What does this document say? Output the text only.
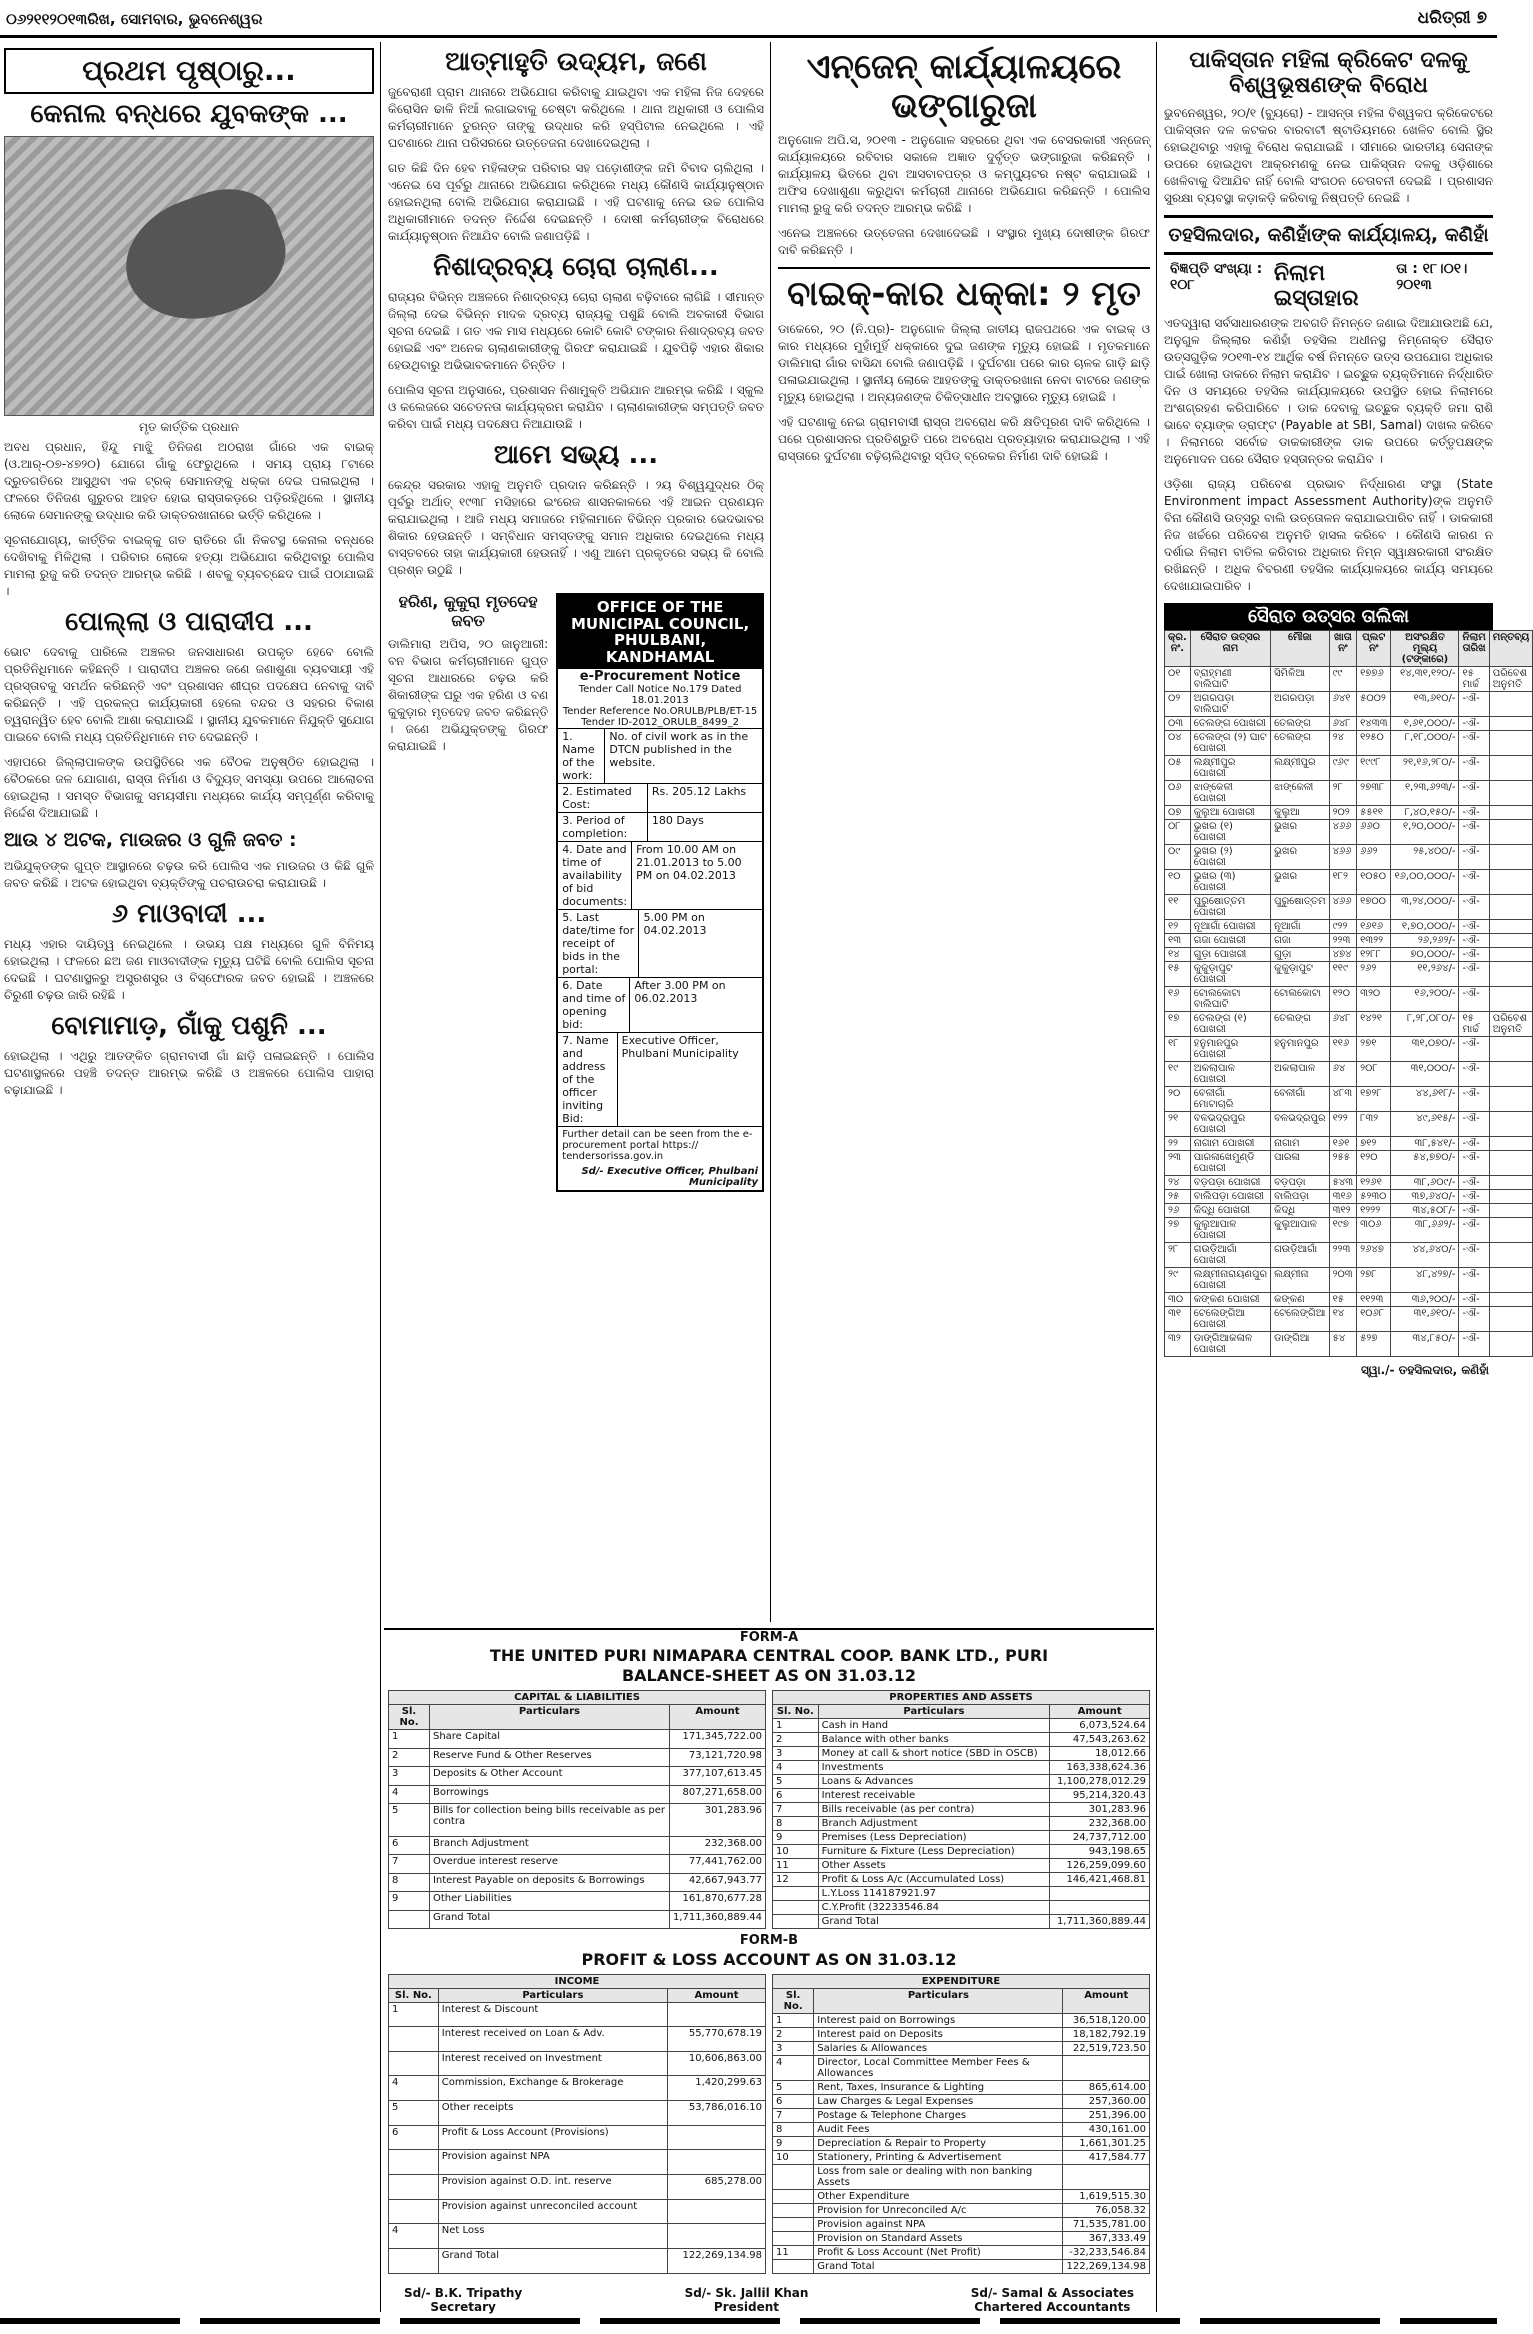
୦୬୨୧୧୨୦୧୩ରିଖ, ସୋମବାର, ଭୁବନେଶ୍ୱର	ଧରିତ୍ରୀ ୭
ପ୍ରଥମ ପୃଷ୍ଠାରୁ...
କେନାଲ ବନ୍ଧରେ ଯୁବକଙ୍କ ...
ମୃତ କାର୍ତ୍ତିକ ପ୍ରଧାନ

ଅବଧ ପ୍ରଧାନ, ହିନ୍ଦୁ ମାଝିୁ ତିନିଜଣ ଅଠରାଖ ଗାଁରେ ଏକ ବାଇକ୍ (ଓ.ଆର୍-୦୭-୪୭୨୦) ଯୋଗେ ଗାଁକୁ ଫେରୁଥିଲେ । ସମୟ ପ୍ରାୟ ୮ଟାରେ ଦ୍ରୁତଗତିରେ ଆସୁଥିବା ଏକ ଟ୍ରକ୍ ସେମାନଙ୍କୁ ଧକ୍କା ଦେଇ ପଳାଇଥିଲା । ଫଳରେ ତିନିଜଣ ଗୁରୁତର ଆହତ ହୋଇ ରାସ୍ତାକଡ଼ରେ ପଡ଼ିରହିଥିଲେ । ସ୍ଥାନୀୟ ଲୋକେ ସେମାନଙ୍କୁ ଉଦ୍ଧାର କରି ଡାକ୍ତରଖାନାରେ ଭର୍ତ୍ତି କରିଥିଲେ ।

ସୂଚନାଯୋଗ୍ୟ, କାର୍ତ୍ତିକ ବାଇକ୍‌କୁ ଗତ ରାତିରେ ଗାଁ ନିକଟସ୍ଥ କେନାଲ ବନ୍ଧରେ ଦେଖିବାକୁ ମିଳିଥିଲା । ପରିବାର ଲୋକେ ହତ୍ୟା ଅଭିଯୋଗ କରିଥିବାରୁ ପୋଲିସ ମାମଲା ରୁଜୁ କରି ତଦନ୍ତ ଆରମ୍ଭ କରିଛି । ଶବକୁ ବ୍ୟବଚ୍ଛେଦ ପାଇଁ ପଠାଯାଇଛି ।

ପୋଲ୍ଲା ଓ ପାରାଦୀପ ...

ଭୋଟ ଦେବାକୁ ପାରିଲେ ଅଞ୍ଚଳର ଜନସାଧାରଣ ଉପକୃତ ହେବେ ବୋଲି ପ୍ରତିନିଧିମାନେ କହିଛନ୍ତି । ପାରାଦୀପ ଅଞ୍ଚଳର ଜଣେ ଜଣାଶୁଣା ବ୍ୟବସାୟୀ ଏହି ପ୍ରସ୍ତାବକୁ ସମର୍ଥନ କରିଛନ୍ତି ଏବଂ ପ୍ରଶାସନ ଶୀଘ୍ର ପଦକ୍ଷେପ ନେବାକୁ ଦାବି କରିଛନ୍ତି । ଏହି ପ୍ରକଳ୍ପ କାର୍ଯ୍ୟକାରୀ ହେଲେ ବନ୍ଦର ଓ ସହରର ବିକାଶ ତ୍ୱରାନ୍ୱିତ ହେବ ବୋଲି ଆଶା କରାଯାଉଛି । ସ୍ଥାନୀୟ ଯୁବକମାନେ ନିଯୁକ୍ତି ସୁଯୋଗ ପାଇବେ ବୋଲି ମଧ୍ୟ ପ୍ରତିନିଧିମାନେ ମତ ଦେଇଛନ୍ତି ।

ଏହାପରେ ଜିଲ୍ଲାପାଳଙ୍କ ଉପସ୍ଥିତିରେ ଏକ ବୈଠକ ଅନୁଷ୍ଠିତ ହୋଇଥିଲା । ବୈଠକରେ ଜଳ ଯୋଗାଣ, ରାସ୍ତା ନିର୍ମାଣ ଓ ବିଦ୍ୟୁତ୍ ସମସ୍ୟା ଉପରେ ଆଲୋଚନା ହୋଇଥିଲା । ସମସ୍ତ ବିଭାଗକୁ ସମୟସୀମା ମଧ୍ୟରେ କାର୍ଯ୍ୟ ସମ୍ପୂର୍ଣ୍ଣ କରିବାକୁ ନିର୍ଦ୍ଦେଶ ଦିଆଯାଇଛି ।

ଆଉ ୪ ଅଟକ, ମାଉଜର ଓ ଗୁଳି ଜବତ :

ଅଭିଯୁକ୍ତଙ୍କ ଗୁପ୍ତ ଆସ୍ଥାନରେ ଚଢ଼ଉ କରି ପୋଲିସ ଏକ ମାଉଜର ଓ କିଛି ଗୁଳି ଜବତ କରିଛି । ଅଟକ ହୋଇଥିବା ବ୍ୟକ୍ତିଙ୍କୁ ପଚରାଉଚରା କରାଯାଉଛି ।

୬ ମାଓବାଦୀ ...

ମଧ୍ୟ ଏହାର ଦାୟିତ୍ୱ ନେଇଥିଲେ । ଉଭୟ ପକ୍ଷ ମଧ୍ୟରେ ଗୁଳି ବିନିମୟ ହୋଇଥିଲା । ଫଳରେ ଛଅ ଜଣ ମାଓବାଦୀଙ୍କ ମୃତ୍ୟୁ ଘଟିଛି ବୋଲି ପୋଲିସ ସୂଚନା ଦେଇଛି । ଘଟଣାସ୍ଥଳରୁ ଅସ୍ତ୍ରଶସ୍ତ୍ର ଓ ବିସ୍ଫୋରକ ଜବତ ହୋଇଛି । ଅଞ୍ଚଳରେ ଚିରୁଣୀ ଚଢ଼ଉ ଜାରି ରହିଛି ।

ବୋମାମାଡ଼, ଗାଁକୁ ପଶୁନି ...

ହୋଇଥିଲା । ଏଥିରୁ ଆତଙ୍କିତ ଗ୍ରାମବାସୀ ଗାଁ ଛାଡ଼ି ପଳାଇଛନ୍ତି । ପୋଲିସ ଘଟଣାସ୍ଥଳରେ ପହଞ୍ଚି ତଦନ୍ତ ଆରମ୍ଭ କରିଛି ଓ ଅଞ୍ଚଳରେ ପୋଲିସ ପାହାରା ବଢ଼ାଯାଇଛି ।

ଆତ୍ମାହୁତି ଉଦ୍ୟମ, ଜଣେ

ଜୁବେରାଣୀ ପ୍ରାମ ଥାନାରେ ଅଭିଯୋଗ କରିବାକୁ ଯାଇଥିବା ଏକ ମହିଳା ନିଜ ଦେହରେ କିରୋସିନ ଢାଳି ନିଆଁ ଲଗାଇବାକୁ ଚେଷ୍ଟା କରିଥିଲେ । ଥାନା ଅଧିକାରୀ ଓ ପୋଲିସ କର୍ମଚାରୀମାନେ ତୁରନ୍ତ ତାଙ୍କୁ ଉଦ୍ଧାର କରି ହସ୍ପିଟାଲ ନେଇଥିଲେ । ଏହି ଘଟଣାରେ ଥାନା ପରିସରରେ ଉତ୍ତେଜନା ଦେଖାଦେଇଥିଲା ।

ଗତ କିଛି ଦିନ ହେବ ମହିଳାଙ୍କ ପରିବାର ସହ ପଡ଼ୋଶୀଙ୍କ ଜମି ବିବାଦ ଚାଲିଥିଲା । ଏନେଇ ସେ ପୂର୍ବରୁ ଥାନାରେ ଅଭିଯୋଗ କରିଥିଲେ ମଧ୍ୟ କୌଣସି କାର୍ଯ୍ୟାନୁଷ୍ଠାନ ହୋଇନଥିଲା ବୋଲି ଅଭିଯୋଗ କରାଯାଇଛି । ଏହି ଘଟଣାକୁ ନେଇ ଉଚ୍ଚ ପୋଲିସ ଅଧିକାରୀମାନେ ତଦନ୍ତ ନିର୍ଦ୍ଦେଶ ଦେଇଛନ୍ତି । ଦୋଷୀ କର୍ମଚାରୀଙ୍କ ବିରୋଧରେ କାର୍ଯ୍ୟାନୁଷ୍ଠାନ ନିଆଯିବ ବୋଲି ଜଣାପଡ଼ିଛି ।

ନିଶାଦ୍ରବ୍ୟ ଚୋରା ଚାଲାଣ...

ରାଜ୍ୟର ବିଭିନ୍ନ ଅଞ୍ଚଳରେ ନିଶାଦ୍ରବ୍ୟ ଚୋରା ଚାଲାଣ ବଢ଼ିବାରେ ଲାଗିଛି । ସୀମାନ୍ତ ଜିଲ୍ଲା ଦେଇ ବିଭିନ୍ନ ମାଦକ ଦ୍ରବ୍ୟ ରାଜ୍ୟକୁ ପଶୁଛି ବୋଲି ଅବକାରୀ ବିଭାଗ ସୂଚନା ଦେଇଛି । ଗତ ଏକ ମାସ ମଧ୍ୟରେ କୋଟି କୋଟି ଟଙ୍କାର ନିଶାଦ୍ରବ୍ୟ ଜବତ ହୋଇଛି ଏବଂ ଅନେକ ଚାଲାଣକାରୀଙ୍କୁ ଗିରଫ କରାଯାଇଛି । ଯୁବପିଢ଼ି ଏହାର ଶିକାର ହେଉଥିବାରୁ ଅଭିଭାବକମାନେ ଚିନ୍ତିତ ।

ପୋଲିସ ସୂଚନା ଅନୁସାରେ, ପ୍ରଶାସନ ନିଶାମୁକ୍ତି ଅଭିଯାନ ଆରମ୍ଭ କରିଛି । ସ୍କୁଲ ଓ କଲେଜରେ ସଚେତନତା କାର୍ଯ୍ୟକ୍ରମ କରାଯିବ । ଚାଲାଣକାରୀଙ୍କ ସମ୍ପତ୍ତି ଜବତ କରିବା ପାଇଁ ମଧ୍ୟ ପଦକ୍ଷେପ ନିଆଯାଉଛି ।

ଆମେ ସଭ୍ୟ ...

କେନ୍ଦ୍ର ସରକାର ଏହାକୁ ଅନୁମତି ପ୍ରଦାନ କରିଛନ୍ତି । ୨ୟ ବିଶ୍ୱଯୁଦ୍ଧର ଠିକ୍ ପୂର୍ବରୁ ଅର୍ଥାତ୍ ୧୯୩୮ ମସିହାରେ ଇଂରେଜ ଶାସନକାଳରେ ଏହି ଆଇନ ପ୍ରଣୟନ କରାଯାଇଥିଲା । ଆଜି ମଧ୍ୟ ସମାଜରେ ମହିଳାମାନେ ବିଭିନ୍ନ ପ୍ରକାର ଭେଦଭାବର ଶିକାର ହେଉଛନ୍ତି । ସମ୍ବିଧାନ ସମସ୍ତଙ୍କୁ ସମାନ ଅଧିକାର ଦେଇଥିଲେ ମଧ୍ୟ ବାସ୍ତବରେ ତାହା କାର୍ଯ୍ୟକାରୀ ହେଉନାହିଁ । ଏଣୁ ଆମେ ପ୍ରକୃତରେ ସଭ୍ୟ କି ବୋଲି ପ୍ରଶ୍ନ ଉଠୁଛି ।

ହରିଣ, କୁକୁରା ମୃତଦେହ ଜବତ

ଡାଲିମାରା ଅପିସ, ୨୦ ଜାନୁଆରୀ: ବନ ବିଭାଗ କର୍ମଚାରୀମାନେ ଗୁପ୍ତ ସୂଚନା ଆଧାରରେ ଚଢ଼ଉ କରି ଶିକାରୀଙ୍କ ଘରୁ ଏକ ହରିଣ ଓ ବଣ କୁକୁଡ଼ାର ମୃତଦେହ ଜବତ କରିଛନ୍ତି । ଜଣେ ଅଭିଯୁକ୍ତଙ୍କୁ ଗିରଫ କରାଯାଇଛି ।

OFFICE OF THE MUNICIPAL COUNCIL, PHULBANI, KANDHAMAL
e-Procurement Notice
Tender Call Notice No.179 Dated 18.01.2013
Tender Reference No.ORULB/PLB/ET-15
Tender ID-2012_ORULB_8499_2
1. Name of the work:
No. of civil work as in the DTCN published in the website.
2. Estimated Cost:
Rs. 205.12 Lakhs
3. Period of completion:
180 Days
4. Date and time of availability of bid documents:
From 10.00 AM on 21.01.2013 to 5.00 PM on 04.02.2013
5. Last date/time for receipt of bids in the portal:
5.00 PM on 04.02.2013
6. Date and time of opening bid:
After 3.00 PM on 06.02.2013
7. Name and address of the officer inviting Bid:
Executive Officer, Phulbani Municipality
Further detail can be seen from the e-procurement portal https:// tendersorissa.gov.in
Sd/- Executive Officer, Phulbani Municipality
FORM-A
THE UNITED PURI NIMAPARA CENTRAL COOP. BANK LTD., PURI
BALANCE-SHEET AS ON 31.03.12
CAPITAL & LIABILITIES		
Sl. No.	Particulars	Amount
1	Share Capital	171,345,722.00
2	Reserve Fund & Other Reserves	73,121,720.98
3	Deposits & Other Account	377,107,613.45
4	Borrowings	807,271,658.00
5	Bills for collection being bills receivable as per contra	301,283.96
6	Branch Adjustment	232,368.00
7	Overdue interest reserve	77,441,762.00
8	Interest Payable on deposits & Borrowings	42,667,943.77
9	Other Liabilities	161,870,677.28
	Grand Total	1,711,360,889.44
PROPERTIES AND ASSETS		
Sl. No.	Particulars	Amount
1	Cash in Hand	6,073,524.64
2	Balance with other banks	47,543,263.62
3	Money at call & short notice (SBD in OSCB)	18,012.66
4	Investments	163,338,624.36
5	Loans & Advances	1,100,278,012.29
6	Interest receivable	95,214,320.43
7	Bills receivable (as per contra)	301,283.96
8	Branch Adjustment	232,368.00
9	Premises (Less Depreciation)	24,737,712.00
10	Furniture & Fixture (Less Depreciation)	943,198.65
11	Other Assets	126,259,099.60
12	Profit & Loss A/c (Accumulated Loss)	146,421,468.81
	L.Y.Loss 114187921.97	
	C.Y.Profit (32233546.84	
	Grand Total	1,711,360,889.44
FORM-B
PROFIT & LOSS ACCOUNT AS ON 31.03.12
INCOME		
Sl. No.	Particulars	Amount
1	Interest & Discount	
	Interest received on Loan & Adv.	55,770,678.19
	Interest received on Investment	10,606,863.00
4	Commission, Exchange & Brokerage	1,420,299.63
5	Other receipts	53,786,016.10
6	Profit & Loss Account (Provisions)	
	Provision against NPA	
	Provision against O.D. int. reserve	685,278.00
	Provision against unreconciled account	
4	Net Loss	
	Grand Total	122,269,134.98
EXPENDITURE		
Sl. No.	Particulars	Amount
1	Interest paid on Borrowings	36,518,120.00
2	Interest paid on Deposits	18,182,792.19
3	Salaries & Allowances	22,519,723.50
4	Director, Local Committee Member Fees & Allowances	
5	Rent, Taxes, Insurance & Lighting	865,614.00
6	Law Charges & Legal Expenses	257,360.00
7	Postage & Telephone Charges	251,396.00
8	Audit Fees	430,161.00
9	Depreciation & Repair to Property	1,661,301.25
10	Stationery, Printing & Advertisement	417,584.77
	Loss from sale or dealing with non banking Assets	
	Other Expenditure	1,619,515.30
	Provision for Unreconciled A/c	76,058.32
	Provision against NPA	71,535,781.00
	Provision on Standard Assets	367,333.49
11	Profit & Loss Account (Net Profit)	-32,233,546.84
	Grand Total	122,269,134.98
Sd/- B.K. Tripathy
Secretary
Sd/- Sk. Jallil Khan
President
Sd/- Samal & Associates
Chartered Accountants
ଏନ୍‌ଜେନ୍ କାର୍ଯ୍ୟାଳୟରେ ଭଙ୍ଗାରୁଜା

ଅନୁଗୋଳ ଅପି.ସ, ୨୦୧୩ - ଅନୁଗୋଳ ସହରରେ ଥିବା ଏକ ବେସରକାରୀ ଏନ୍‌ଜେନ୍ କାର୍ଯ୍ୟାଳୟରେ ରବିବାର ସକାଳେ ଅଜ୍ଞାତ ଦୁର୍ବୃତ୍ତ ଭଙ୍ଗାରୁଜା କରିଛନ୍ତି । କାର୍ଯ୍ୟାଳୟ ଭିତରେ ଥିବା ଆସବାବପତ୍ର ଓ କମ୍ପ୍ୟୁଟର ନଷ୍ଟ କରାଯାଇଛି । ଅଫିସ ଦେଖାଶୁଣା କରୁଥିବା କର୍ମଚାରୀ ଥାନାରେ ଅଭିଯୋଗ କରିଛନ୍ତି । ପୋଲିସ ମାମଲା ରୁଜୁ କରି ତଦନ୍ତ ଆରମ୍ଭ କରିଛି ।

ଏନେଇ ଅଞ୍ଚଳରେ ଉତ୍ତେଜନା ଦେଖାଦେଇଛି । ସଂସ୍ଥାର ମୁଖ୍ୟ ଦୋଷୀଙ୍କ ଗିରଫ ଦାବି କରିଛନ୍ତି ।

ବାଇକ୍-କାର ଧକ୍କା: ୨ ମୃତ

ଡାକେରେ, ୨୦ (ନି.ପ୍ର)- ଅନୁଗୋଳ ଜିଲ୍ଲା ଜାତୀୟ ରାଜପଥରେ ଏକ ବାଇକ୍ ଓ କାର ମଧ୍ୟରେ ମୁହାଁମୁହିଁ ଧକ୍କାରେ ଦୁଇ ଜଣଙ୍କ ମୃତ୍ୟୁ ହୋଇଛି । ମୃତକମାନେ ଡାଲିମାରା ଗାଁର ବାସିନ୍ଦା ବୋଲି ଜଣାପଡ଼ିଛି । ଦୁର୍ଘଟଣା ପରେ କାର ଚାଳକ ଗାଡ଼ି ଛାଡ଼ି ପଳାଇଯାଇଥିଲା । ସ୍ଥାନୀୟ ଲୋକେ ଆହତଙ୍କୁ ଡାକ୍ତରଖାନା ନେବା ବାଟରେ ଜଣଙ୍କ ମୃତ୍ୟୁ ହୋଇଥିଲା । ଅନ୍ୟଜଣଙ୍କ ଚିକିତ୍ସାଧୀନ ଅବସ୍ଥାରେ ମୃତ୍ୟୁ ହୋଇଛି ।

ଏହି ଘଟଣାକୁ ନେଇ ଗ୍ରାମବାସୀ ରାସ୍ତା ଅବରୋଧ କରି କ୍ଷତିପୂରଣ ଦାବି କରିଥିଲେ । ପରେ ପ୍ରଶାସନର ପ୍ରତିଶ୍ରୁତି ପରେ ଅବରୋଧ ପ୍ରତ୍ୟାହାର କରାଯାଇଥିଲା । ଏହି ରାସ୍ତାରେ ଦୁର୍ଘଟଣା ବଢ଼ିଚାଲିଥିବାରୁ ସ୍ପିଡ୍ ବ୍ରେକର ନିର୍ମାଣ ଦାବି ହୋଇଛି ।

ପାକିସ୍ତାନ ମହିଳା କ୍ରିକେଟ ଦଳକୁ ବିଶ୍ୱଭୂଷଣଙ୍କ ବିରୋଧ

ଭୁବନେଶ୍ୱର, ୨୦/୧ (ବ୍ୟୁରୋ) - ଆସନ୍ତା ମହିଳା ବିଶ୍ୱକପ କ୍ରିକେଟରେ ପାକିସ୍ତାନ ଦଳ କଟକର ବାରବାଟୀ ଷ୍ଟାଡିୟମରେ ଖେଳିବ ବୋଲି ସ୍ଥିର ହୋଇଥିବାରୁ ଏହାକୁ ବିରୋଧ କରାଯାଇଛି । ସୀମାରେ ଭାରତୀୟ ସେନାଙ୍କ ଉପରେ ହୋଇଥିବା ଆକ୍ରମଣକୁ ନେଇ ପାକିସ୍ତାନ ଦଳକୁ ଓଡ଼ିଶାରେ ଖେଳିବାକୁ ଦିଆଯିବ ନାହିଁ ବୋଲି ସଂଗଠନ ଚେତାବନୀ ଦେଇଛି । ପ୍ରଶାସନ ସୁରକ୍ଷା ବ୍ୟବସ୍ଥା କଡ଼ାକଡ଼ି କରିବାକୁ ନିଷ୍ପତ୍ତି ନେଇଛି ।

ତହସିଲଦାର, କଣିହାଁଙ୍କ କାର୍ଯ୍ୟାଳୟ, କଣିହାଁ
ବିଜ୍ଞପ୍ତି ସଂଖ୍ୟା : ୧୦୮	ନିଲାମ ଇସ୍ତାହାର
ତା : ୧୮।୦୧।୨୦୧୩

ଏତଦ୍ୱାରା ସର୍ବସାଧାରଣଙ୍କ ଅବଗତି ନିମନ୍ତେ ଜଣାଇ ଦିଆଯାଉଅଛି ଯେ, ଅନୁଗୁଳ ଜିଲ୍ଲାର କଣିହାଁ ତହସିଲ ଅଧୀନସ୍ଥ ନିମ୍ନୋକ୍ତ ସୈରାତ ଉତ୍ସଗୁଡ଼ିକ ୨୦୧୩-୧୪ ଆର୍ଥିକ ବର୍ଷ ନିମନ୍ତେ ଉତ୍ସ ଉପଯୋଗ ଅଧିକାର ପାଇଁ ଖୋଲା ଡାକରେ ନିଲାମ କରାଯିବ । ଇଚ୍ଛୁକ ବ୍ୟକ୍ତିମାନେ ନିର୍ଦ୍ଧାରିତ ଦିନ ଓ ସମୟରେ ତହସିଲ କାର୍ଯ୍ୟାଳୟରେ ଉପସ୍ଥିତ ହୋଇ ନିଲାମରେ ଅଂଶଗ୍ରହଣ କରିପାରିବେ । ଡାକ ଦେବାକୁ ଇଚ୍ଛୁକ ବ୍ୟକ୍ତି ଜମା ରାଶି ଭାବେ ବ୍ୟାଙ୍କ ଡ୍ରାଫ୍ଟ (Payable at SBI, Samal) ଦାଖଲ କରିବେ । ନିଲାମରେ ସର୍ବୋଚ୍ଚ ଡାକକାରୀଙ୍କ ଡାକ ଉପରେ କର୍ତ୍ତୃପକ୍ଷଙ୍କ ଅନୁମୋଦନ ପରେ ସୈରାତ ହସ୍ତାନ୍ତର କରାଯିବ ।

ଓଡ଼ିଶା ରାଜ୍ୟ ପରିବେଶ ପ୍ରଭାବ ନିର୍ଦ୍ଧାରଣ ସଂସ୍ଥା (State Environment impact Assessment Authority)ଙ୍କ ଅନୁମତି ବିନା କୌଣସି ଉତ୍ସରୁ ବାଲି ଉତ୍ତୋଳନ କରାଯାଇପାରିବ ନାହିଁ । ଡାକକାରୀ ନିଜ ଖର୍ଚ୍ଚରେ ପରିବେଶ ଅନୁମତି ହାସଲ କରିବେ । କୌଣସି କାରଣ ନ ଦର୍ଶାଇ ନିଲାମ ବାତିଲ କରିବାର ଅଧିକାର ନିମ୍ନ ସ୍ୱାକ୍ଷରକାରୀ ସଂରକ୍ଷିତ ରଖିଛନ୍ତି । ଅଧିକ ବିବରଣୀ ତହସିଲ କାର୍ଯ୍ୟାଳୟରେ କାର୍ଯ୍ୟ ସମୟରେ ଦେଖାଯାଇପାରିବ ।

ସୈରାତ ଉତ୍ସର ତାଲିକା
କ୍ର. ନଂ.	ସୈରାତ ଉତ୍ସର ନାମ	ମୌଜା	ଖାତା ନଂ	ପ୍ଲଟ ନଂ	ଅସଂରକ୍ଷିତ ମୂଲ୍ୟ (ଟଙ୍କାରେ)	ନିଲାମ ତାରିଖ	ମନ୍ତବ୍ୟ
୦୧	ବ୍ରାହ୍ମଣୀ ବାଲିଘାଟି	ସିମିଳିଆ	୯୯	୧୭୭୬	୧୪,୩୧,୧୨୦/-	୧୫ ମାର୍ଚ୍ଚ	ପରିବେଶ ଅନୁମତି
୦୨	ଅଗରପଡ଼ା ବାଲିଘାଟି	ଅଗରପଡ଼ା	୬୪୧	୫୦୦୨	୧୩,୬୧୦/-	-ଐ-	
୦୩	ତେଲଙ୍ଗ ପୋଖରୀ	ତେଲଙ୍ଗ	୬୪୮	୧୪୩୩	୧,୬୧,୦୦୦/-	-ଐ-	
୦୪	ତେଲଙ୍ଗ (୨) ଘାଟ ପୋଖରୀ	ତେଲଙ୍ଗ	୨୪	୧୨୫୦	୮,୧୮,୦୦୦/-	-ଐ-	
୦୫	ଲକ୍ଷ୍ମୀପୁର ପୋଖରୀ	ଲକ୍ଷ୍ମୀପୁର	୯୬୯	୧୯୯୮	୨୧,୧୬,୨୮୦/-	-ଐ-	
୦୬	ଝାଙ୍କେଳୀ ପୋଖରୀ	ଝାଙ୍କେଳୀ	୨୮	୨୭୩୮	୧,୨୩,୬୨୩/-	-ଐ-	
୦୭	କୁଲୁଆ ପୋଖରୀ	କୁଲୁଆ	୨୦୨	୫୫୧୧	୮,୪୦,୧୫୦/-	-ଐ-	
୦୮	ଭୁଖର (୧) ପୋଖରୀ	ଭୁଖର	୪୬୬	୬୬୦	୧,୨୦,୦୦୦/-	-ଐ-	
୦୯	ଭୁଖର (୨) ପୋଖରୀ	ଭୁଖର	୪୬୬	୬୬୨	୨୫,୪୦୦/-	-ଐ-	
୧୦	ଭୁଖର (୩) ପୋଖରୀ	ଭୁଖର	୧୮୨	୧୦୫୦	୧୬,୦୦,୦୦୦/-	-ଐ-	
୧୧	ପୁରୁଷୋତ୍ତମ ପୋଖରୀ	ପୁରୁଷୋତ୍ତମ	୪୬୬	୧୭୦୦	୩,୨୪,୦୦୦/-	-ଐ-	
୧୨	ନୂଆଗାଁ ପୋଖରୀ	ନୂଆଗାଁ	୯୨୨	୧୬୧୬	୧,୭୦,୦୦୦/-	-ଐ-	
୧୩	ଗଜା ପୋଖରୀ	ଗଜା	୨୨୩	୧୩୨୨	୨୬,୨୬୨/-	-ଐ-	
୧୪	ଗୁଡ଼ା ପୋଖରୀ	ଗୁଡ଼ା	୪୭୪	୧୨୮୮	୭୦,୦୦୦/-	-ଐ-	
୧୫	କୁକୁଡ଼ାପୁଟ ପୋଖରୀ	କୁକୁଡ଼ାପୁଟ	୧୧୯	୨୬୨	୧୧,୨୬୪/-	-ଐ-	
୧୬	ଟୋଲକୋଟା ବାଲିଘାଟି	ଟୋଲକୋଟା	୧୨୦	୩୨୦	୧୬,୨୦୦/-	-ଐ-	
୧୭	ତେଲଙ୍ଗ (୧) ପୋଖରୀ	ତେଲଙ୍ଗ	୬୪୮	୧୪୨୧	୮,୨୮,୦୮୦/-	୧୫ ମାର୍ଚ୍ଚ	ପରିବେଶ ଅନୁମତି
୧୮	ହନୁମାନପୁର ପୋଖରୀ	ହନୁମାନପୁର	୧୧୬	୨୭୧	୩୧,୦୭୦/-	-ଐ-	
୧୯	ଅକଲାପାଳ ପୋଖରୀ	ଅକଲାପାଳ	୬୪	୨୦୮	୩୧,୦୦୦/-	-ଐ-	
୨୦	ବେଳୀଗାଁ ମୋଟାଚାରି	ବେଳୀଗାଁ	୪୮୩	୧୭୨୮	୪୪,୬୧୮/-	-ଐ-	
୨୧	ବଳଭଦ୍ରପୁର ପୋଖରୀ	ବଳଭଦ୍ରପୁର	୧୨୨	୮୩୨	୪୯,୬୧୫/-	-ଐ-	
୨୨	ନାଗାମ ପୋଖରୀ	ନାଗାମ	୧୬୧	୭୧୨	୩୮,୫୪୧/-	-ଐ-	
୨୩	ପାରଳାଖେମୁଣ୍ଡି ପୋଖରୀ	ପାରଳା	୨୫୫	୧୨୦	୫୪,୭୭୦/-	-ଐ-	
୨୪	ବଡ଼ପଡ଼ା ପୋଖରୀ	ବଡ଼ପଡ଼ା	୫୪୩	୧୨୬୧	୩୮,୬୦୯/-	-ଐ-	
୨୫	ବାଲିପଡ଼ା ପୋଖରୀ	ବାଲିପଡ଼ା	୩୧୬	୫୨୩୦	୩୭,୬୪୦/-	-ଐ-	
୨୬	କିଦ୍ଧି ପୋଖରୀ	କିଦ୍ଧି	୩୧୨	୧୨୨୨	୩୪,୫୦୮/-	-ଐ-	
୨୭	କୁଲୁଆପାଳ ପୋଖରୀ	କୁଲୁଆପାଳ	୧୯୭	୩୦୬	୩୮,୬୬୨/-	-ଐ-	
୨୮	ଗଉଡ଼ିଆଗାଁ ପୋଖରୀ	ଗଉଡ଼ିଆଗାଁ	୨୨୩	୨୬୪୭	୪୪,୬୪୦/-	-ଐ-	
୨୯	ଲକ୍ଷ୍ମୀନାରାୟଣପୁର ପୋଖରୀ	ଲକ୍ଷ୍ମୀନା	୨୦୩	୨୭୮	୪୮,୪୨୭/-	-ଐ-	
୩୦	କଙ୍କଣ ପୋଖରୀ	କଙ୍କଣ	୧୫	୧୧୨୩	୩୬,୨୦୦/-	-ଐ-	
୩୧	ଟେଲେଙ୍ଗିଆ ପୋଖରୀ	ଟେଲେଙ୍ଗିଆ	୧୪	୧୦୬୮	୩୧,୬୧୦/-	-ଐ-	
୩୨	ଡାଙ୍ଗିଆକଳାଳ ପୋଖରୀ	ଡାଙ୍ଗିଆ	୫୪	୫୨୭	୩୪,୮୫୦/-	-ଐ-	
ସ୍ୱା./- ତହସିଲଦାର, କଣିହାଁ
